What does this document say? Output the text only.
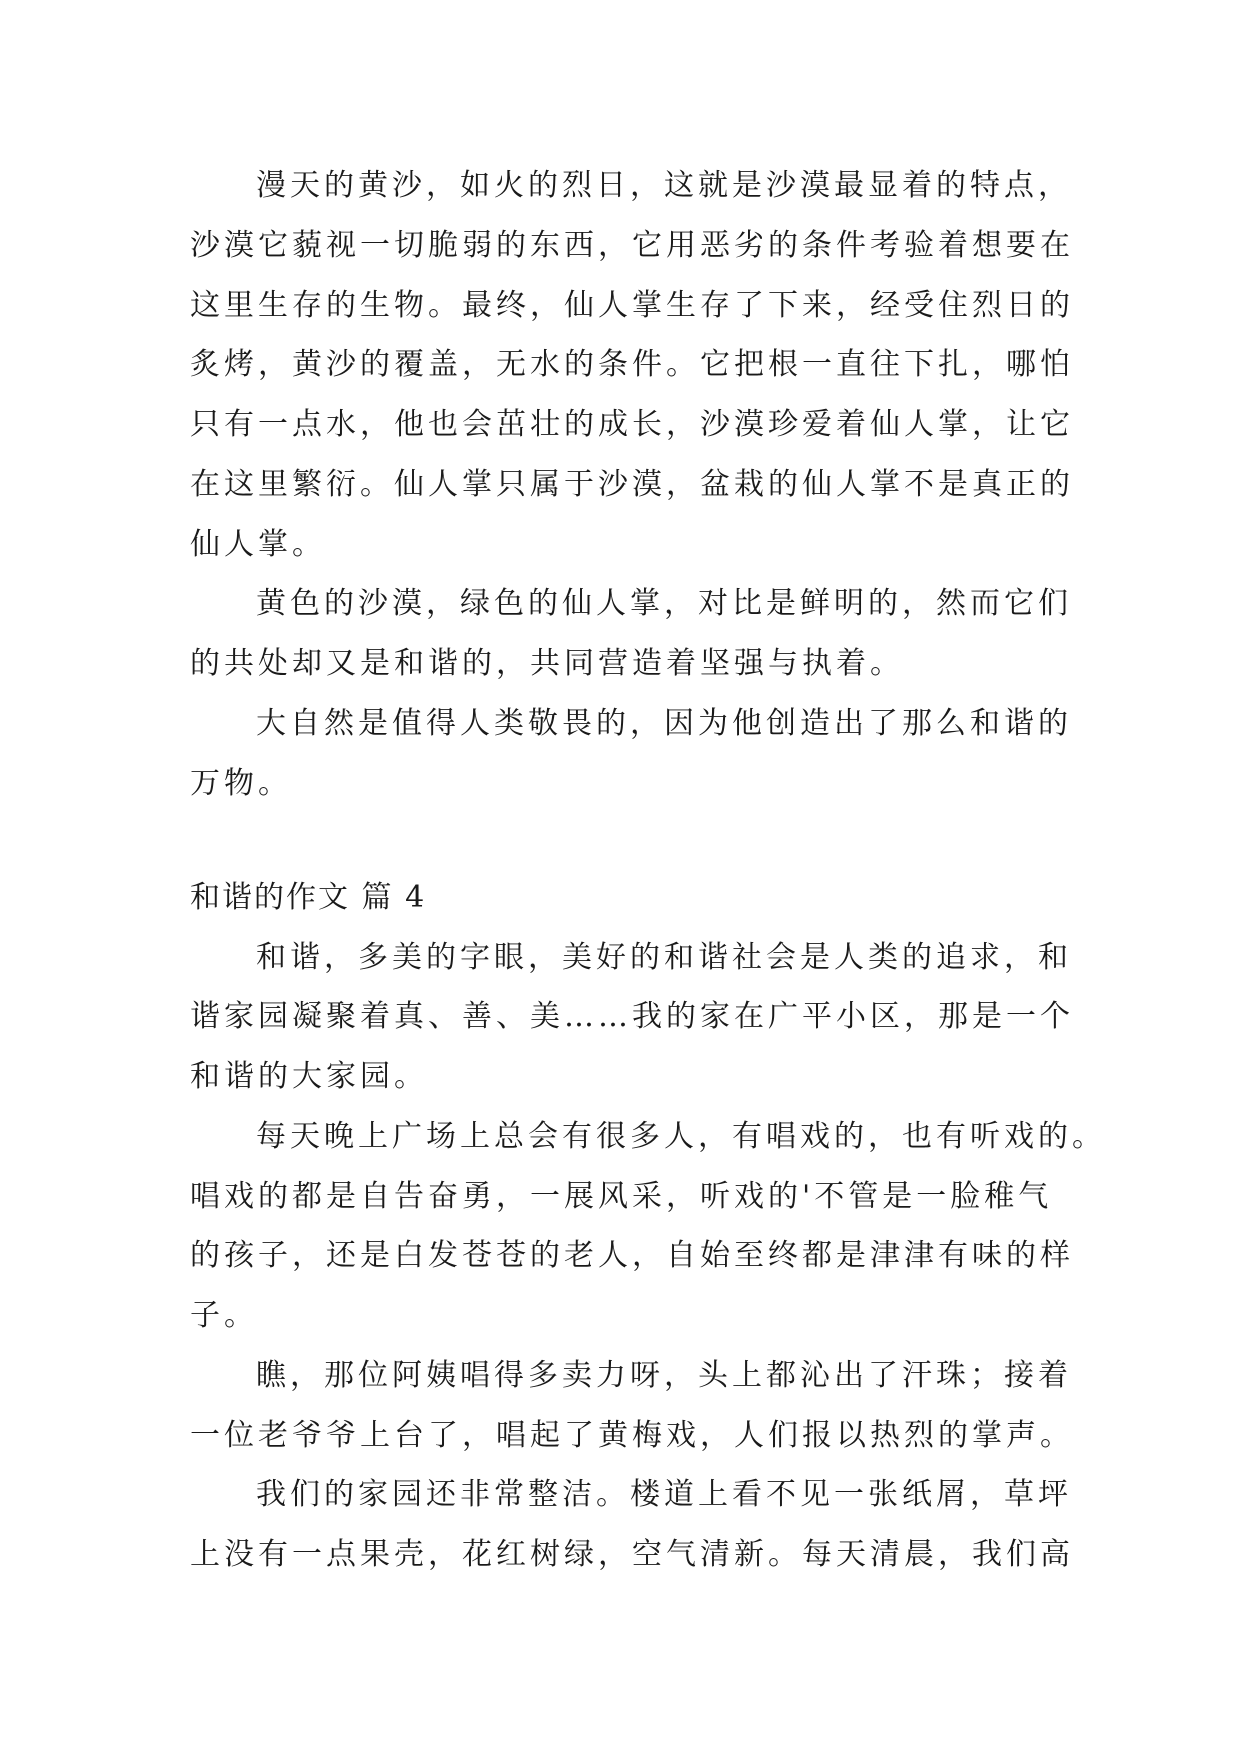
漫天的黄沙，如火的烈日，这就是沙漠最显着的特点，
沙漠它藐视一切脆弱的东西，它用恶劣的条件考验着想要在
这里生存的生物。最终，仙人掌生存了下来，经受住烈日的
炙烤，黄沙的覆盖，无水的条件。它把根一直往下扎，哪怕
只有一点水，他也会茁壮的成长，沙漠珍爱着仙人掌，让它
在这里繁衍。仙人掌只属于沙漠，盆栽的仙人掌不是真正的
仙人掌。
黄色的沙漠，绿色的仙人掌，对比是鲜明的，然而它们
的共处却又是和谐的，共同营造着坚强与执着。
大自然是值得人类敬畏的，因为他创造出了那么和谐的
万物。
和谐的作文 篇 4
和谐，多美的字眼，美好的和谐社会是人类的追求，和
谐家园凝聚着真、善、美……我的家在广平小区，那是一个
和谐的大家园。
每天晚上广场上总会有很多人，有唱戏的，也有听戏的。
唱戏的都是自告奋勇，一展风采，听戏的'不管是一脸稚气
的孩子，还是白发苍苍的老人，自始至终都是津津有味的样
子。
瞧，那位阿姨唱得多卖力呀，头上都沁出了汗珠；接着
一位老爷爷上台了，唱起了黄梅戏，人们报以热烈的掌声。
我们的家园还非常整洁。楼道上看不见一张纸屑，草坪
上没有一点果壳，花红树绿，空气清新。每天清晨，我们高
